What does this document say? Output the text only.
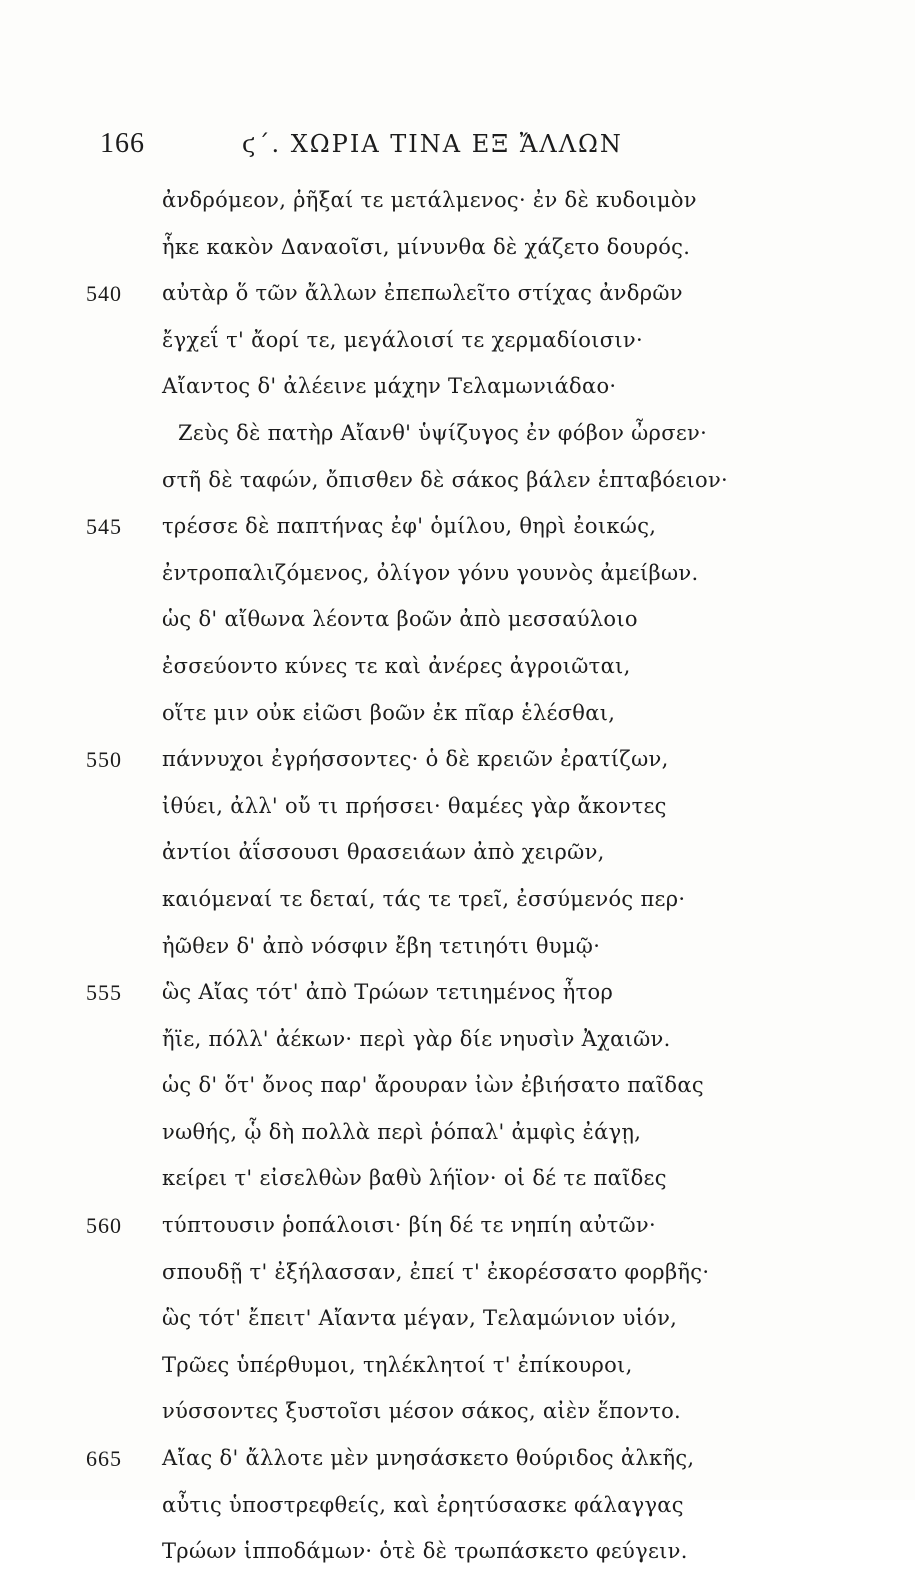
166	ϛ΄. ΧΩΡΙΑ ΤΙΝΑ ΕΞ ἌΛΛΩΝ
ἀνδρόμεον, ῥῆξαί τε μετάλμενος· ἐν δὲ κυδοιμὸν
ἧκε κακὸν Δαναοῖσι, μίνυνθα δὲ χάζετο δουρός.
540	αὐτὰρ ὅ τῶν ἄλλων ἐπεπωλεῖτο στίχας ἀνδρῶν
ἔγχεΐ τ' ἄορί τε, μεγάλοισί τε χερμαδίοισιν·
Αἴαντος δ' ἀλέεινε μάχην Τελαμωνιάδαο·
Ζεὺς δὲ πατὴρ Αἴανθ' ὑψίζυγος ἐν φόβον ὦρσεν·
στῆ δὲ ταφών, ὄπισθεν δὲ σάκος βάλεν ἑπταβόειον·
545	τρέσσε δὲ παπτήνας ἐφ' ὁμίλου, θηρὶ ἐοικώς,
ἐντροπαλιζόμενος, ὀλίγον γόνυ γουνὸς ἀμείβων.
ὡς δ' αἴθωνα λέοντα βοῶν ἀπὸ μεσσαύλοιο
ἐσσεύοντο κύνες τε καὶ ἀνέρες ἀγροιῶται,
οἵτε μιν οὐκ εἰῶσι βοῶν ἐκ πῖαρ ἑλέσθαι,
550	πάννυχοι ἐγρήσσοντες· ὁ δὲ κρειῶν ἐρατίζων,
ἰθύει, ἀλλ' οὔ τι πρήσσει· θαμέες γὰρ ἄκοντες
ἀντίοι ἀΐσσουσι θρασειάων ἀπὸ χειρῶν,
καιόμεναί τε δεταί, τάς τε τρεῖ, ἐσσύμενός περ·
ἠῶθεν δ' ἀπὸ νόσφιν ἔβη τετιηότι θυμῷ·
555	ὣς Αἴας τότ' ἀπὸ Τρώων τετιημένος ἦτορ
ἤϊε, πόλλ' ἀέκων· περὶ γὰρ δίε νηυσὶν Ἀχαιῶν.
ὡς δ' ὅτ' ὄνος παρ' ἄρουραν ἰὼν ἐβιήσατο παῖδας
νωθής, ᾧ δὴ πολλὰ περὶ ῥόπαλ' ἀμφὶς ἐάγῃ,
κείρει τ' εἰσελθὼν βαθὺ λήϊον· οἱ δέ τε παῖδες
560	τύπτουσιν ῥοπάλοισι· βίη δέ τε νηπίη αὐτῶν·
σπουδῇ τ' ἐξήλασσαν, ἐπεί τ' ἐκορέσσατο φορβῆς·
ὣς τότ' ἔπειτ' Αἴαντα μέγαν, Τελαμώνιον υἱόν,
Τρῶες ὑπέρθυμοι, τηλέκλητοί τ' ἐπίκουροι,
νύσσοντες ξυστοῖσι μέσον σάκος, αἰὲν ἕποντο.
665	Αἴας δ' ἄλλοτε μὲν μνησάσκετο θούριδος ἀλκῆς,
αὖτις ὑποστρεφθείς, καὶ ἐρητύσασκε φάλαγγας
Τρώων ἱπποδάμων· ὁτὲ δὲ τρωπάσκετο φεύγειν.
